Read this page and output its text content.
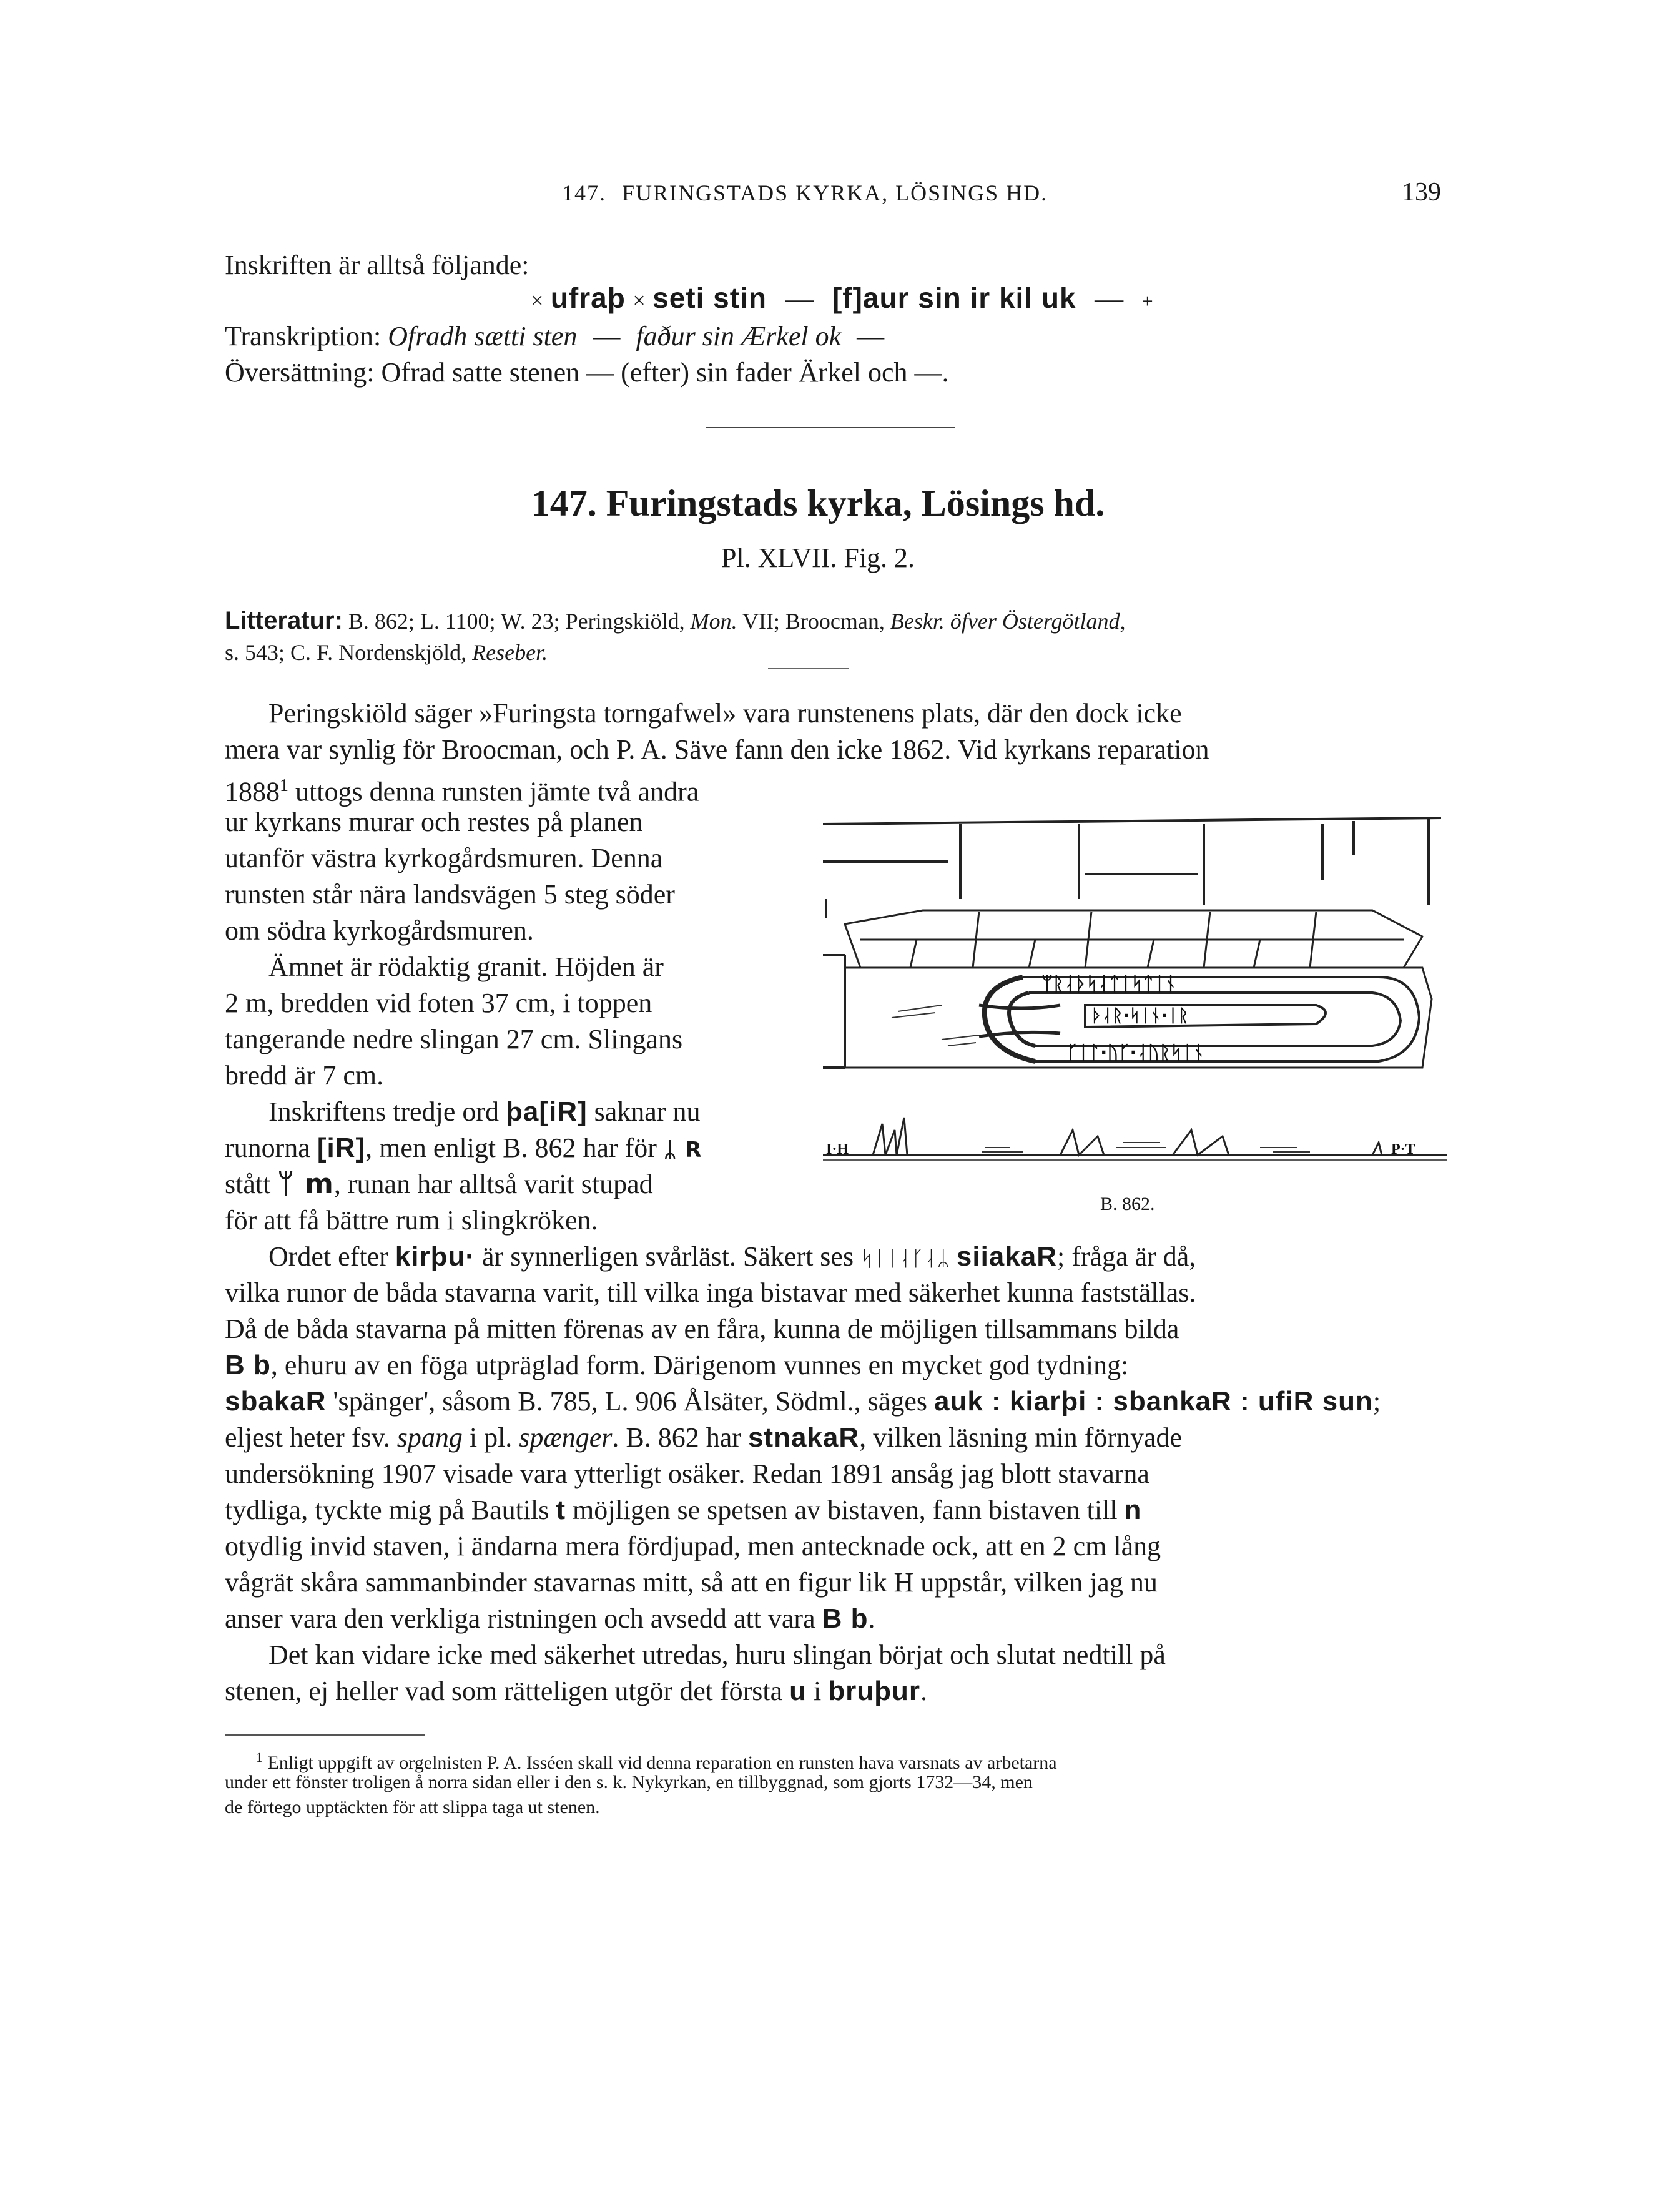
147. FURINGSTADS KYRKA, LÖSINGS HD.	139
Inskriften är alltså följande:
× ufraþ × seti stin — [f]aur sin ir kil uk — +
Transkription: Ofradh sætti sten — faður sin Ærkel ok —
Översättning: Ofrad satte stenen — (efter) sin fader Ärkel och —.
147. Furingstads kyrka, Lösings hd.
Pl. XLVII. Fig. 2.
Litteratur: B. 862; L. 1100; W. 23; Peringskiöld, Mon. VII; Broocman, Beskr. öfver Östergötland,
s. 543; C. F. Nordenskjöld, Reseber.
Peringskiöld säger »Furingsta torngafwel» vara runstenens plats, där den dock icke
mera var synlig för Broocman, och P. A. Säve fann den icke 1862. Vid kyrkans reparation
1888$^1$ uttogs denna runsten jämte två andra
ur kyrkans murar och restes på planen
utanför västra kyrkogårdsmuren. Denna
runsten står nära landsvägen 5 steg söder
om södra kyrkogårdsmuren.
Ämnet är rödaktig granit. Höjden är
2 m, bredden vid foten 37 cm, i toppen
tangerande nedre slingan 27 cm. Slingans
bredd är 7 cm.
Inskriftens tredje ord þa[iR] saknar nu
runorna [iR], men enligt B. 862 har för ᛦ R
stått ᛘ m, runan har alltså varit stupad
för att få bättre rum i slingkröken.
ᛘᚱᛆᚦᛋᛆᛏᛁᛋᛏᛁᚾ
ᚦᛆᚱ·ᛋᛁᚾ·ᛁᚱ
ᚴᛁᛚ·ᚢᚴ·ᛆᚢᚱᛋᛁᚾ
I·H	P·T
B. 862.
Ordet efter kirþu· är synnerligen svårläst. Säkert ses ᛋᛁᛁᛆᚴᛆᛦ siiakaR; fråga är då,
vilka runor de båda stavarna varit, till vilka inga bistavar med säkerhet kunna fastställas.
Då de båda stavarna på mitten förenas av en fåra, kunna de möjligen tillsammans bilda
B b, ehuru av en föga utpräglad form. Därigenom vunnes en mycket god tydning:
sbakaR 'spänger', såsom B. 785, L. 906 Ålsäter, Södml., säges auk : kiarþi : sbankaR : ufiR sun;
eljest heter fsv. spang i pl. spænger. B. 862 har stnakaR, vilken läsning min förnyade
undersökning 1907 visade vara ytterligt osäker. Redan 1891 ansåg jag blott stavarna
tydliga, tyckte mig på Bautils t möjligen se spetsen av bistaven, fann bistaven till n
otydlig invid staven, i ändarna mera fördjupad, men antecknade ock, att en 2 cm lång
vågrät skåra sammanbinder stavarnas mitt, så att en figur lik H uppstår, vilken jag nu
anser vara den verkliga ristningen och avsedd att vara B b.
Det kan vidare icke med säkerhet utredas, huru slingan börjat och slutat nedtill på
stenen, ej heller vad som rätteligen utgör det första u i bruþur.
$^1$ Enligt uppgift av orgelnisten P. A. Isséen skall vid denna reparation en runsten hava varsnats av arbetarna
under ett fönster troligen å norra sidan eller i den s. k. Nykyrkan, en tillbyggnad, som gjorts 1732—34, men
de förtego upptäckten för att slippa taga ut stenen.
